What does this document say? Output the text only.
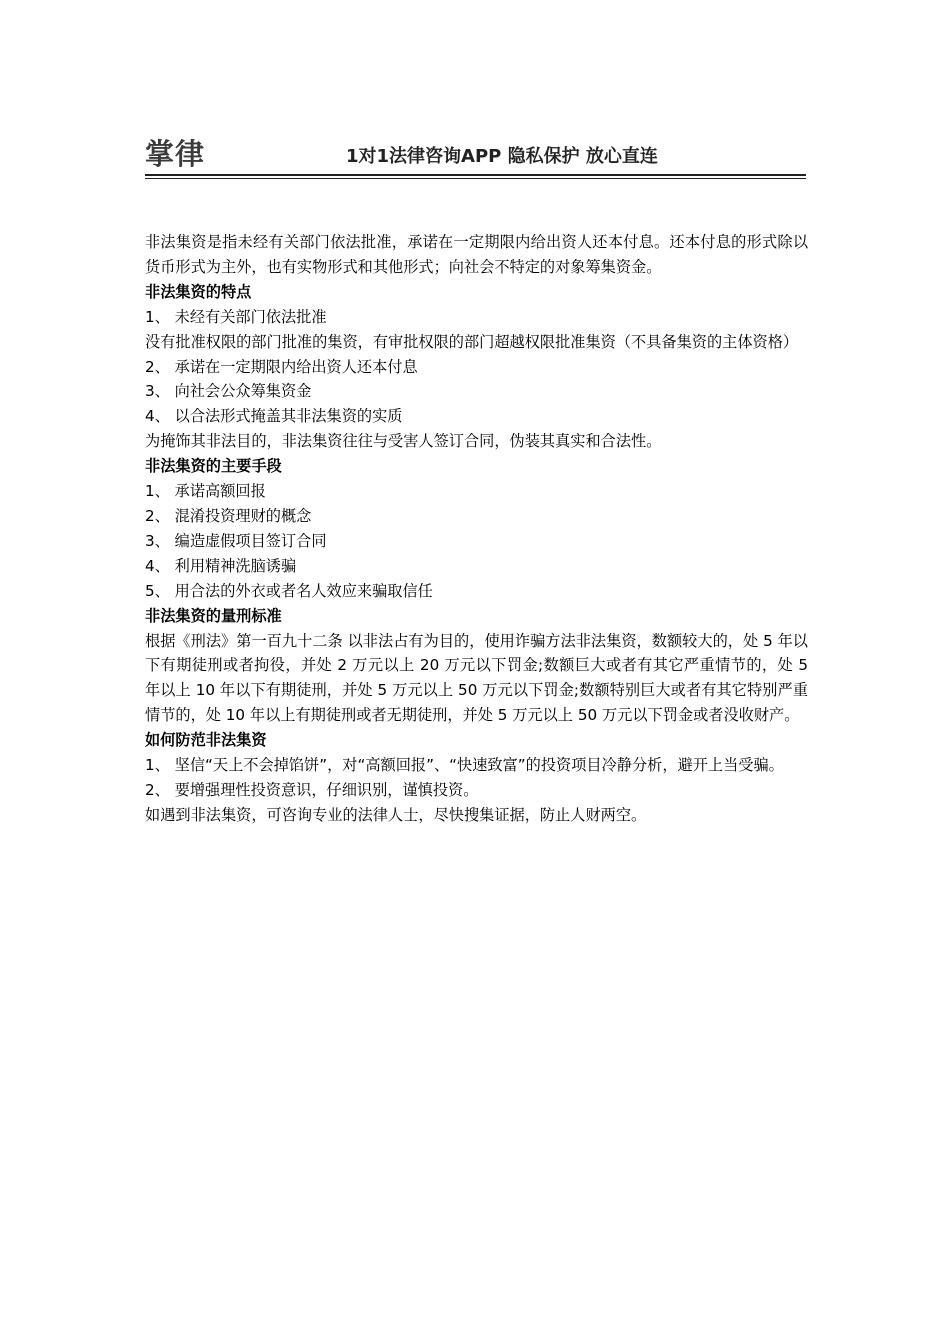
掌律	1对1法律咨询APP 隐私保护 放心直连

非法集资是指未经有关部门依法批准，承诺在一定期限内给出资人还本付息。还本付息的形式除以货币形式为主外，也有实物形式和其他形式；向社会不特定的对象筹集资金。

非法集资的特点

1、 未经有关部门依法批准

没有批准权限的部门批准的集资，有审批权限的部门超越权限批准集资（不具备集资的主体资格）

2、 承诺在一定期限内给出资人还本付息

3、 向社会公众筹集资金

4、 以合法形式掩盖其非法集资的实质

为掩饰其非法目的，非法集资往往与受害人签订合同，伪装其真实和合法性。

非法集资的主要手段

1、 承诺高额回报

2、 混淆投资理财的概念

3、 编造虚假项目签订合同

4、 利用精神洗脑诱骗

5、 用合法的外衣或者名人效应来骗取信任

非法集资的量刑标准

根据《刑法》第一百九十二条 以非法占有为目的，使用诈骗方法非法集资，数额较大的，处 5 年以下有期徒刑或者拘役，并处 2 万元以上 20 万元以下罚金;数额巨大或者有其它严重情节的，处 5 年以上 10 年以下有期徒刑，并处 5 万元以上 50 万元以下罚金;数额特别巨大或者有其它特别严重情节的，处 10 年以上有期徒刑或者无期徒刑，并处 5 万元以上 50 万元以下罚金或者没收财产。

如何防范非法集资

1、 坚信“天上不会掉馅饼”，对“高额回报”、“快速致富”的投资项目冷静分析，避开上当受骗。

2、 要增强理性投资意识，仔细识别，谨慎投资。

如遇到非法集资，可咨询专业的法律人士，尽快搜集证据，防止人财两空。
